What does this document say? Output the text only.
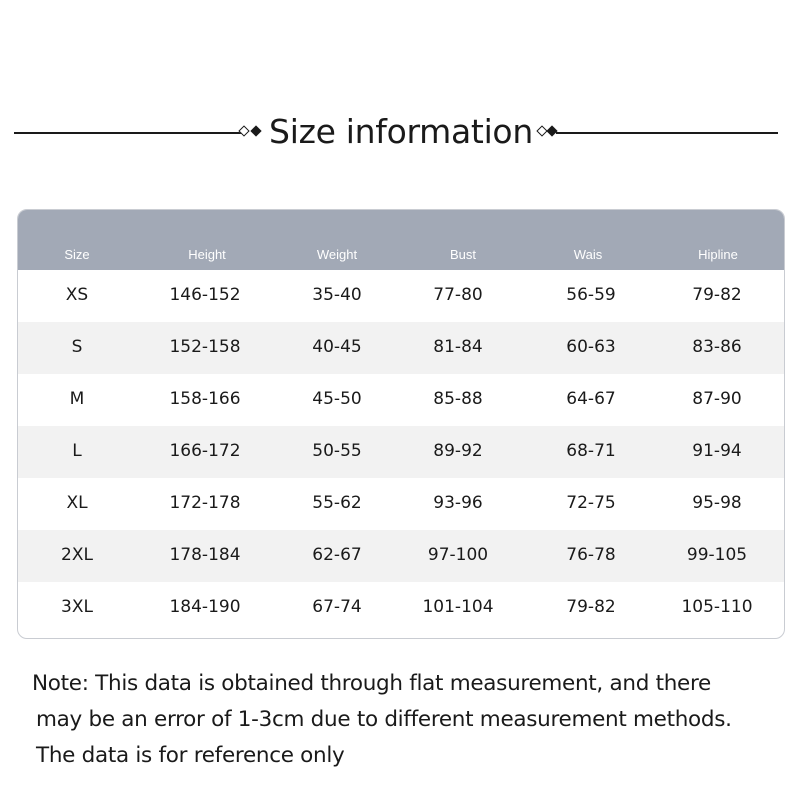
Size information
Size	Height	Weight	Bust	Wais	Hipline
XS	146-152	35-40	77-80	56-59	79-82
S	152-158	40-45	81-84	60-63	83-86
M	158-166	45-50	85-88	64-67	87-90
L	166-172	50-55	89-92	68-71	91-94
XL	172-178	55-62	93-96	72-75	95-98
2XL	178-184	62-67	97-100	76-78	99-105
3XL	184-190	67-74	101-104	79-82	105-110
Note: This data is obtained through flat measurement, and there
may be an error of 1-3cm due to different measurement methods.
The data is for reference only
